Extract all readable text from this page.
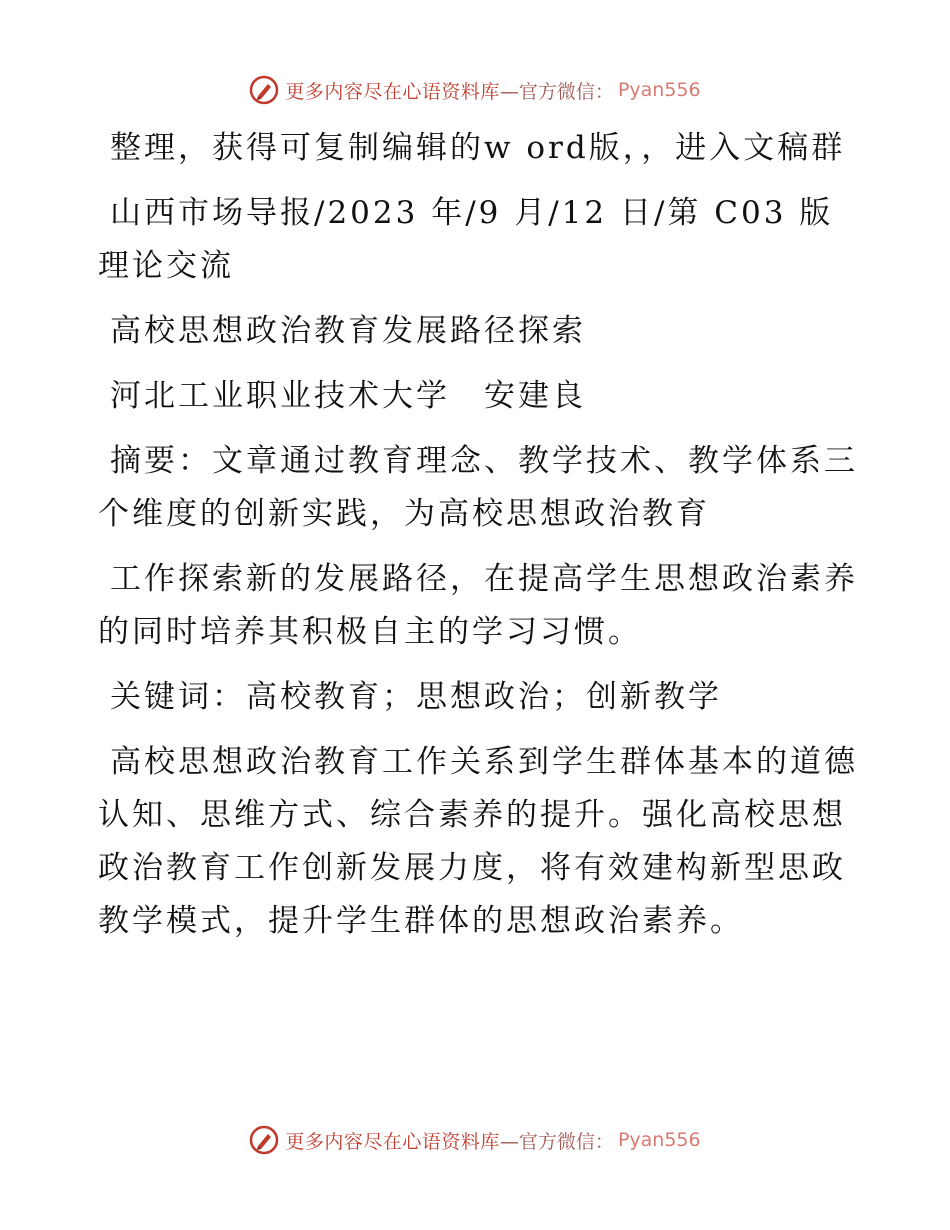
更多内容尽在心语资料库 —官方微信： Pyan556

整理，获得可复制编辑的w ord版，，进入文稿群

山西市场导报/2023 年/9 月/12 日/第 C03 版理论交流

高校思想政治教育发展路径探索

河北工业职业技术大学　安建良

摘要：文章通过教育理念、教学技术、教学体系三个维度的创新实践，为高校思想政治教育

工作探索新的发展路径，在提高学生思想政治素养的同时培养其积极自主的学习习惯。

关键词：高校教育；思想政治；创新教学

高校思想政治教育工作关系到学生群体基本的道德认知、思维方式、综合素养的提升。强化高校思想政治教育工作创新发展力度，将有效建构新型思政教学模式，提升学生群体的思想政治素养。

更多内容尽在心语资料库 —官方微信： Pyan556
